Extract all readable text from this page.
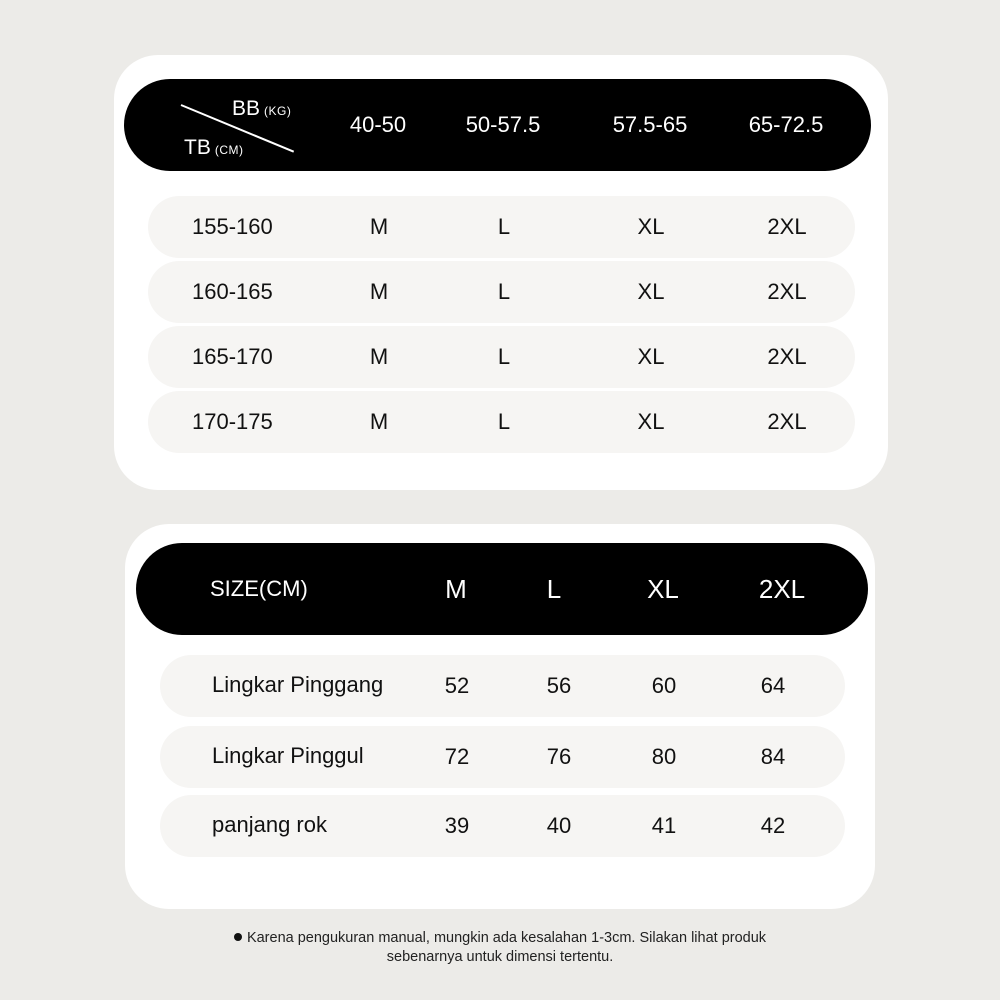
BB (KG)
TB (CM)
40-50	50-57.5	57.5-65	65-72.5
155-160	M	L	XL	2XL
160-165	M	L	XL	2XL
165-170	M	L	XL	2XL
170-175	M	L	XL	2XL
SIZE(CM)	M	L	XL	2XL
Lingkar Pinggang	52	56	60	64
Lingkar Pinggul	72	76	80	84
panjang rok	39	40	41	42
Karena pengukuran manual, mungkin ada kesalahan 1-3cm. Silakan lihat produk
sebenarnya untuk dimensi tertentu.
